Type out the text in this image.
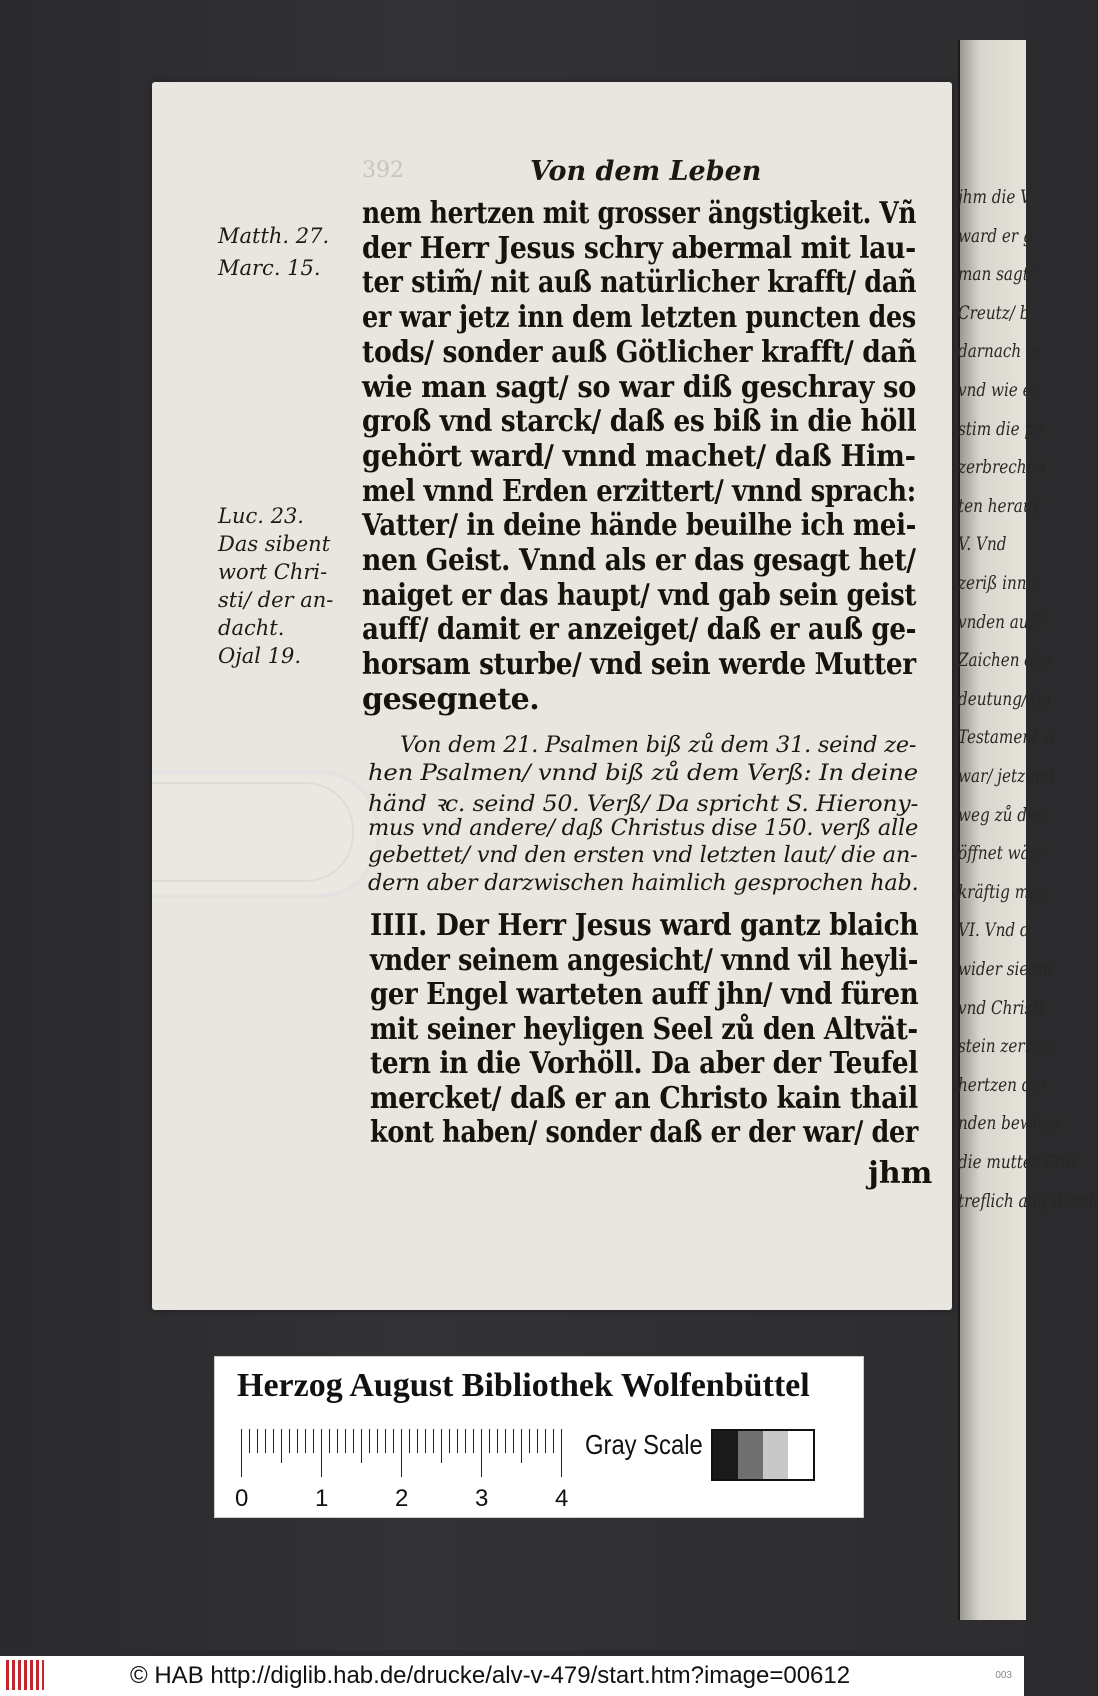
jhm die V
ward er g
man sagt/
Creutz/ b
darnach w
vnd wie er
stim die po
zerbrechen
ten herauf
V. Vnd
zeriß inn z
vnden auff/
Zaichen des
deutung/ da
Testament w
war/ jetzund
weg zů dem
öffnet wär/
kräftig mac
VI. Vnd d
wider sie mi
vnd Christi
stein zerriss
hertzen der
nden bewöge
die mutter Chri
treflich auff durch
392	Von dem Leben
Matth. 27.
Marc. 15.
Luc. 23.
Das sibent
wort Chri-
sti/ der an-
dacht.
Ojal 19.
nem hertzen mit grosser ängstigkeit. Vñ
der Herr Jesus schry abermal mit lau-
ter stim̃/ nit auß natürlicher krafft/ dañ
er war jetz inn dem letzten puncten des
tods/ sonder auß Götlicher krafft/ dañ
wie man sagt/ so war diß geschray so
groß vnd starck/ daß es biß in die höll
gehört ward/ vnnd machet/ daß Him-
mel vnnd Erden erzittert/ vnnd sprach:
Vatter/ in deine hände beuilhe ich mei-
nen Geist. Vnnd als er das gesagt het/
naiget er das haupt/ vnd gab sein geist
auff/ damit er anzeiget/ daß er auß ge-
horsam sturbe/ vnd sein werde Mutter
gesegnete.
Von dem 21. Psalmen biß zů dem 31. seind ze-
hen Psalmen/ vnnd biß zů dem Verß: In deine
händ ꝛc. seind 50. Verß/ Da spricht S. Hierony-
mus vnd andere/ daß Christus dise 150. verß alle
gebettet/ vnd den ersten vnd letzten laut/ die an-
dern aber darzwischen haimlich gesprochen hab.
IIII. Der Herr Jesus ward gantz blaich
vnder seinem angesicht/ vnnd vil heyli-
ger Engel warteten auff jhn/ vnd füren
mit seiner heyligen Seel zů den Altvät-
tern in die Vorhöll. Da aber der Teufel
mercket/ daß er an Christo kain thail
kont haben/ sonder daß er der war/ der
jhm
Herzog August Bibliothek Wolfenbüttel
0	1	2	3	4
Gray Scale
© HAB http://diglib.hab.de/drucke/alv-v-479/start.htm?image=00612	003
